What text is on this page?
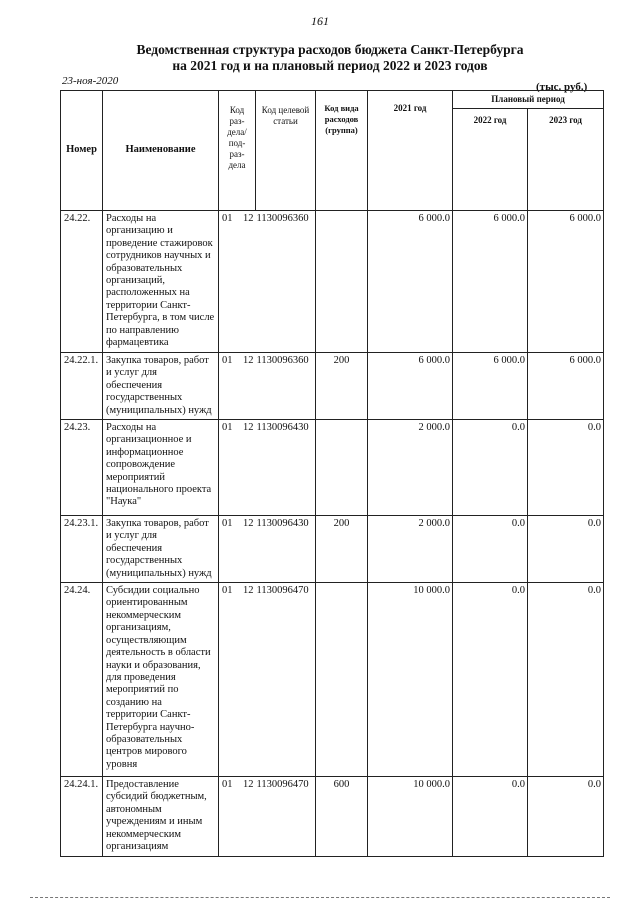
161
Ведомственная структура расходов бюджета Санкт-Петербурга
на 2021 год и на плановый период 2022 и 2023 годов
23-ноя-2020	(тыс. руб.)
Номер	Наименование	Код раз-дела/ под-раз-дела		Код целевой статьи	Код вида расходов (группа)	2021 год	Плановый период	
							2022 год	2023 год
24.22.	Расходы на организацию и проведение стажировок сотрудников научных и образовательных организаций, расположенных на территории Санкт-Петербурга, в том числе по направлению фармацевтика	01	12	1130096360		6 000.0	6 000.0	6 000.0
24.22.1.	Закупка товаров, работ и услуг для обеспечения государственных (муниципальных) нужд	01	12	1130096360	200	6 000.0	6 000.0	6 000.0
24.23.	Расходы на организационное и информационное сопровождение мероприятий национального проекта "Наука"	01	12	1130096430		2 000.0	0.0	0.0
24.23.1.	Закупка товаров, работ и услуг для обеспечения государственных (муниципальных) нужд	01	12	1130096430	200	2 000.0	0.0	0.0
24.24.	Субсидии социально ориентированным некоммерческим организациям, осуществляющим деятельность в области науки и образования, для проведения мероприятий по созданию на территории Санкт-Петербурга научно-образовательных центров мирового уровня	01	12	1130096470		10 000.0	0.0	0.0
24.24.1.	Предоставление субсидий бюджетным, автономным учреждениям и иным некоммерческим организациям	01	12	1130096470	600	10 000.0	0.0	0.0
